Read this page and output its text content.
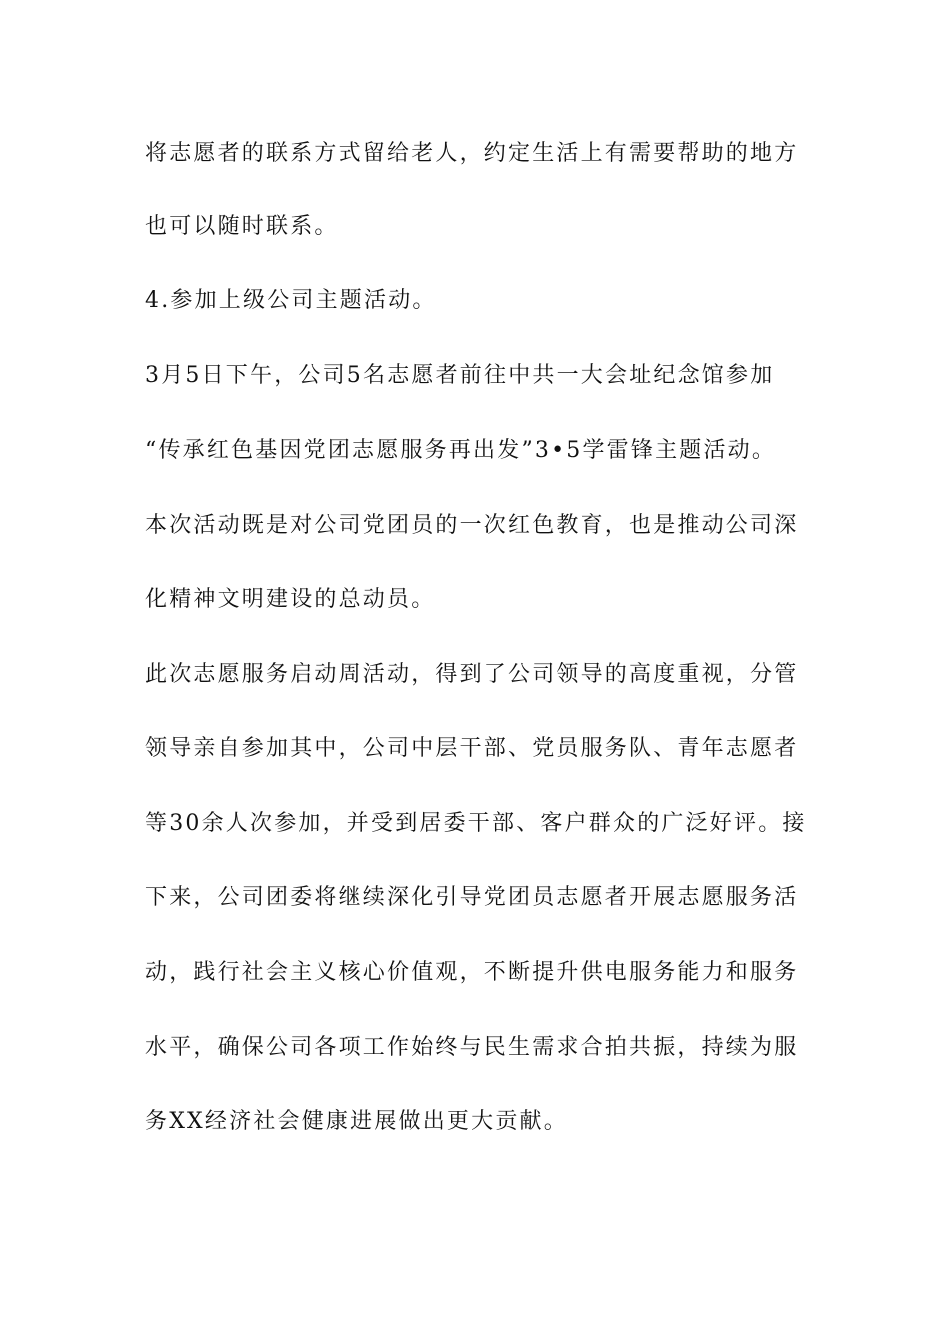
将志愿者的联系方式留给老人，约定生活上有需要帮助的地方
也可以随时联系。
4.参加上级公司主题活动。
3月5日下午，公司5名志愿者前往中共一大会址纪念馆参加
“传承红色基因党团志愿服务再出发”3•5学雷锋主题活动。
本次活动既是对公司党团员的一次红色教育，也是推动公司深
化精神文明建设的总动员。
此次志愿服务启动周活动，得到了公司领导的高度重视，分管
领导亲自参加其中，公司中层干部、党员服务队、青年志愿者
等30余人次参加，并受到居委干部、客户群众的广泛好评。接
下来，公司团委将继续深化引导党团员志愿者开展志愿服务活
动，践行社会主义核心价值观，不断提升供电服务能力和服务
水平，确保公司各项工作始终与民生需求合拍共振，持续为服
务XX经济社会健康进展做出更大贡献。
